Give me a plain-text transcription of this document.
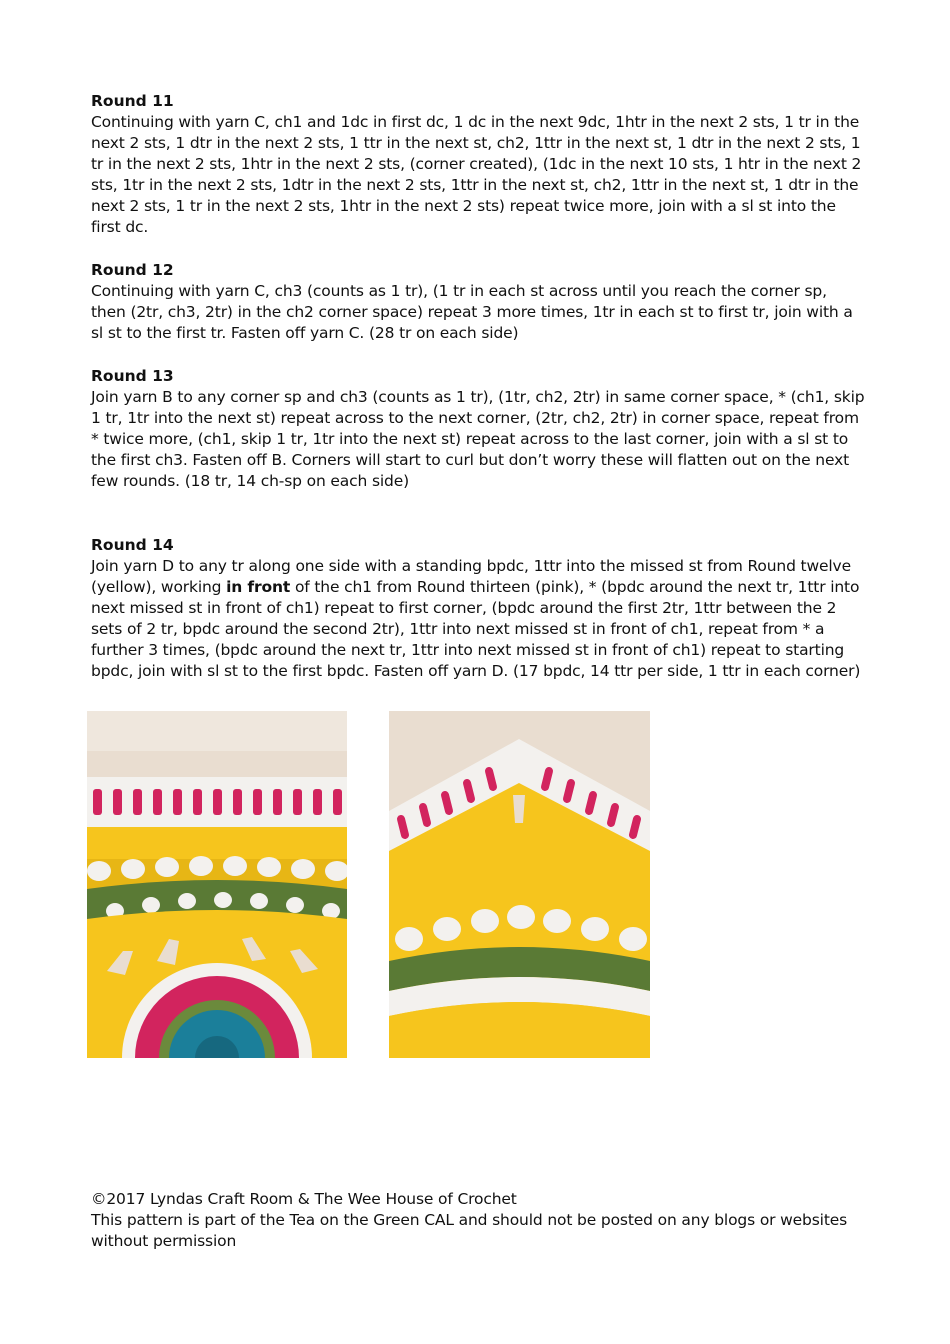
Round 11

Continuing with yarn C, ch1 and 1dc in first dc, 1 dc in the next 9dc, 1htr in the next 2 sts, 1 tr in the next 2 sts, 1 dtr in the next 2 sts, 1 ttr in the next st, ch2, 1ttr in the next st, 1 dtr in the next 2 sts, 1 tr in the next 2 sts, 1htr in the next 2 sts, (corner created), (1dc in the next 10 sts, 1 htr in the next 2 sts, 1tr in the next 2 sts, 1dtr in the next 2 sts, 1ttr in the next st, ch2, 1ttr in the next st, 1 dtr in the next 2 sts, 1 tr in the next 2 sts, 1htr in the next 2 sts) repeat twice more, join with a sl st into the first dc.

Round 12

Continuing with yarn C, ch3 (counts as 1 tr), (1 tr in each st across until you reach the corner sp, then (2tr, ch3, 2tr) in the ch2 corner space) repeat 3 more times, 1tr in each st to first tr, join with a sl st to the first tr. Fasten off yarn C. (28 tr on each side)

Round 13

Join yarn B to any corner sp and ch3 (counts as 1 tr), (1tr, ch2, 2tr) in same corner space, * (ch1, skip 1 tr, 1tr into the next st) repeat across to the next corner, (2tr, ch2, 2tr) in corner space, repeat from * twice more, (ch1, skip 1 tr, 1tr into the next st) repeat across to the last corner, join with a sl st to the first ch3. Fasten off B. Corners will start to curl but don’t worry these will flatten out on the next few rounds. (18 tr, 14 ch-sp on each side)

Round 14

Join yarn D to any tr along one side with a standing bpdc, 1ttr into the missed st from Round twelve (yellow), working in front of the ch1 from Round thirteen (pink), * (bpdc around the next tr, 1ttr into next missed st in front of ch1) repeat to first corner, (bpdc around the first 2tr, 1ttr between the 2 sets of 2 tr, bpdc around the second 2tr), 1ttr into next missed st in front of ch1, repeat from * a further 3 times, (bpdc around the next tr, 1ttr into next missed st in front of ch1) repeat to starting bpdc, join with sl st to the first bpdc. Fasten off yarn D. (17 bpdc, 14 ttr per side, 1 ttr in each corner)

©2017 Lyndas Craft Room & The Wee House of Crochet

This pattern is part of the Tea on the Green CAL and should not be posted on any blogs or websites without permission
